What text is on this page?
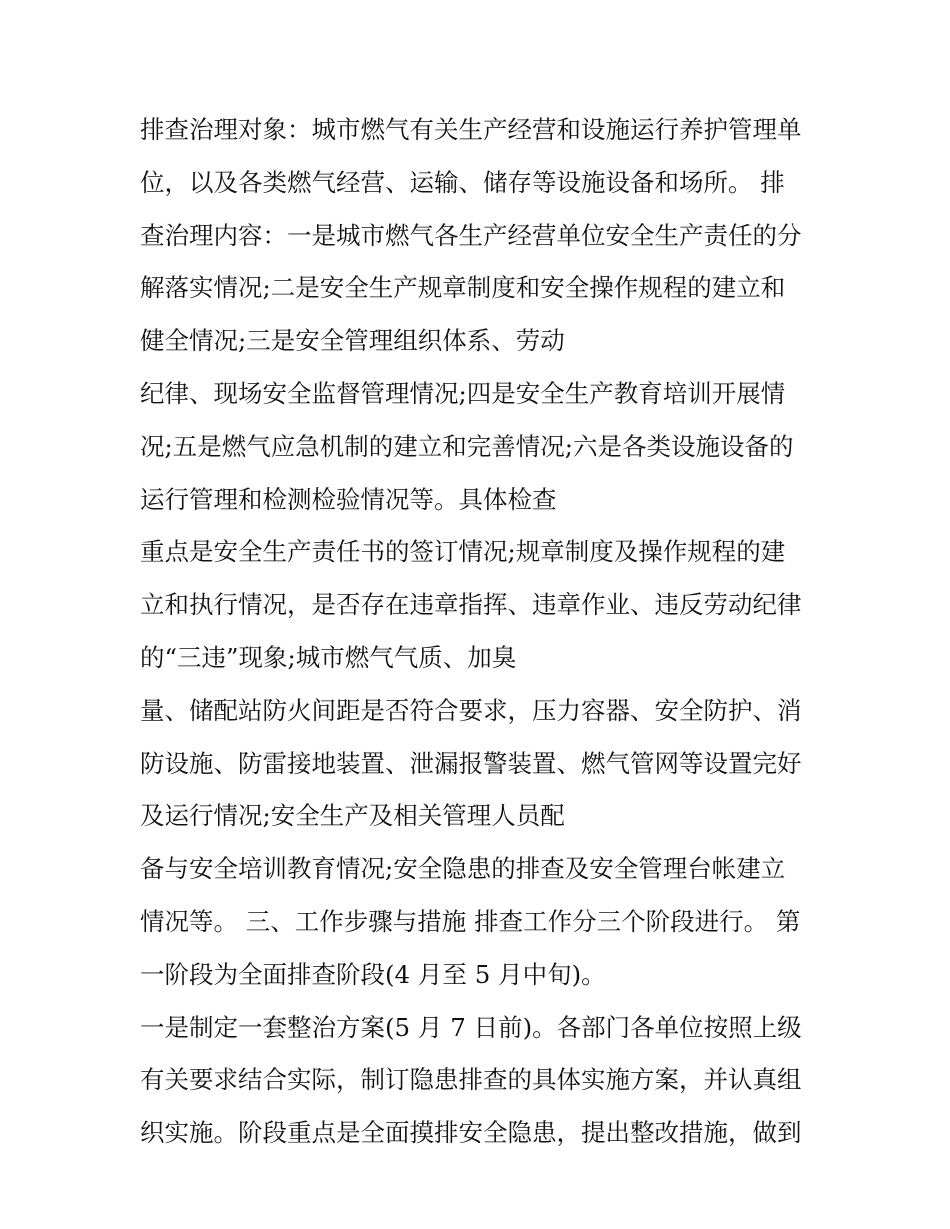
排查治理对象：城市燃气有关生产经营和设施运行养护管理单

位，以及各类燃气经营、运输、储存等设施设备和场所。 排

查治理内容：一是城市燃气各生产经营单位安全生产责任的分

解落实情况;二是安全生产规章制度和安全操作规程的建立和

健全情况;三是安全管理组织体系、劳动

纪律、现场安全监督管理情况;四是安全生产教育培训开展情

况;五是燃气应急机制的建立和完善情况;六是各类设施设备的

运行管理和检测检验情况等。具体检查

重点是安全生产责任书的签订情况;规章制度及操作规程的建

立和执行情况，是否存在违章指挥、违章作业、违反劳动纪律

的“三违”现象;城市燃气气质、加臭

量、储配站防火间距是否符合要求，压力容器、安全防护、消

防设施、防雷接地装置、泄漏报警装置、燃气管网等设置完好

及运行情况;安全生产及相关管理人员配

备与安全培训教育情况;安全隐患的排查及安全管理台帐建立

情况等。 三、工作步骤与措施 排查工作分三个阶段进行。 第

一阶段为全面排查阶段(4 月至 5 月中旬)。

一是制定一套整治方案(5 月 7 日前)。各部门各单位按照上级

有关要求结合实际，制订隐患排查的具体实施方案，并认真组

织实施。阶段重点是全面摸排安全隐患，提出整改措施，做到
